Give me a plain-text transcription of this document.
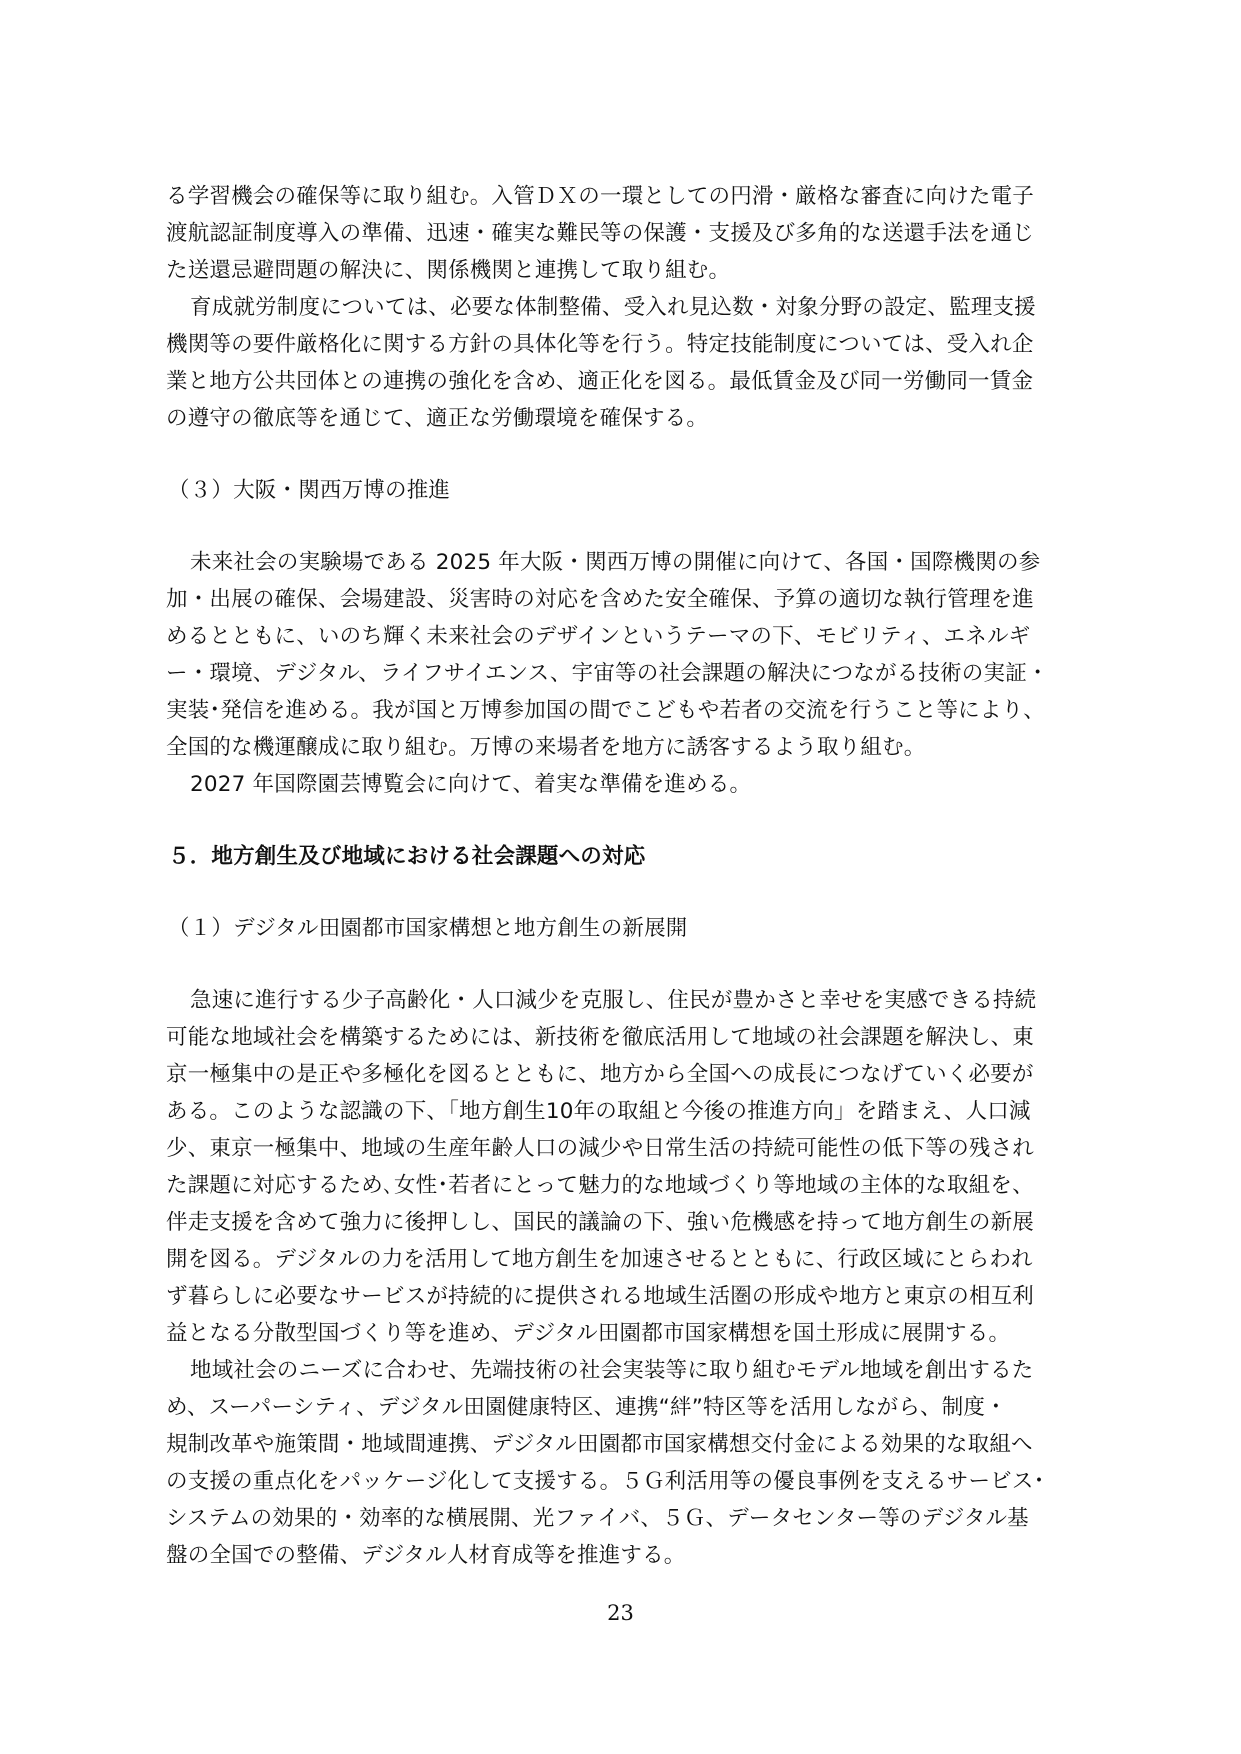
る学習機会の確保等に取り組む。入管ＤＸの一環としての円滑・厳格な審査に向けた電子
渡航認証制度導入の準備、迅速・確実な難民等の保護・支援及び多角的な送還手法を通じ
た送還忌避問題の解決に、関係機関と連携して取り組む。
育成就労制度については、必要な体制整備、受入れ見込数・対象分野の設定、監理支援
機関等の要件厳格化に関する方針の具体化等を行う。特定技能制度については、受入れ企
業と地方公共団体との連携の強化を含め、適正化を図る。最低賃金及び同一労働同一賃金
の遵守の徹底等を通じて、適正な労働環境を確保する。
（３）大阪・関西万博の推進
未来社会の実験場である 2025 年大阪・関西万博の開催に向けて、各国・国際機関の参
加・出展の確保、会場建設、災害時の対応を含めた安全確保、予算の適切な執行管理を進
めるとともに、いのち輝く未来社会のデザインというテーマの下、モビリティ、エネルギ
ー・環境、デジタル、ライフサイエンス、宇宙等の社会課題の解決につながる技術の実証・
実装･発信を進める。我が国と万博参加国の間でこどもや若者の交流を行うこと等により、
全国的な機運醸成に取り組む。万博の来場者を地方に誘客するよう取り組む。
2027 年国際園芸博覧会に向けて、着実な準備を進める。
５．地方創生及び地域における社会課題への対応
（１）デジタル田園都市国家構想と地方創生の新展開
急速に進行する少子高齢化・人口減少を克服し、住民が豊かさと幸せを実感できる持続
可能な地域社会を構築するためには、新技術を徹底活用して地域の社会課題を解決し、東
京一極集中の是正や多極化を図るとともに、地方から全国への成長につなげていく必要が
ある。このような認識の下、「地方創生10年の取組と今後の推進方向」を踏まえ、人口減
少、東京一極集中、地域の生産年齢人口の減少や日常生活の持続可能性の低下等の残され
た課題に対応するため､女性･若者にとって魅力的な地域づくり等地域の主体的な取組を、
伴走支援を含めて強力に後押しし、国民的議論の下、強い危機感を持って地方創生の新展
開を図る。デジタルの力を活用して地方創生を加速させるとともに、行政区域にとらわれ
ず暮らしに必要なサービスが持続的に提供される地域生活圏の形成や地方と東京の相互利
益となる分散型国づくり等を進め、デジタル田園都市国家構想を国土形成に展開する。
地域社会のニーズに合わせ、先端技術の社会実装等に取り組むモデル地域を創出するた
め、スーパーシティ、デジタル田園健康特区、連携“絆”特区等を活用しながら、制度・
規制改革や施策間・地域間連携、デジタル田園都市国家構想交付金による効果的な取組へ
の支援の重点化をパッケージ化して支援する。５Ｇ利活用等の優良事例を支えるサービス･
システムの効果的・効率的な横展開、光ファイバ、５Ｇ、データセンター等のデジタル基
盤の全国での整備、デジタル人材育成等を推進する。
23
